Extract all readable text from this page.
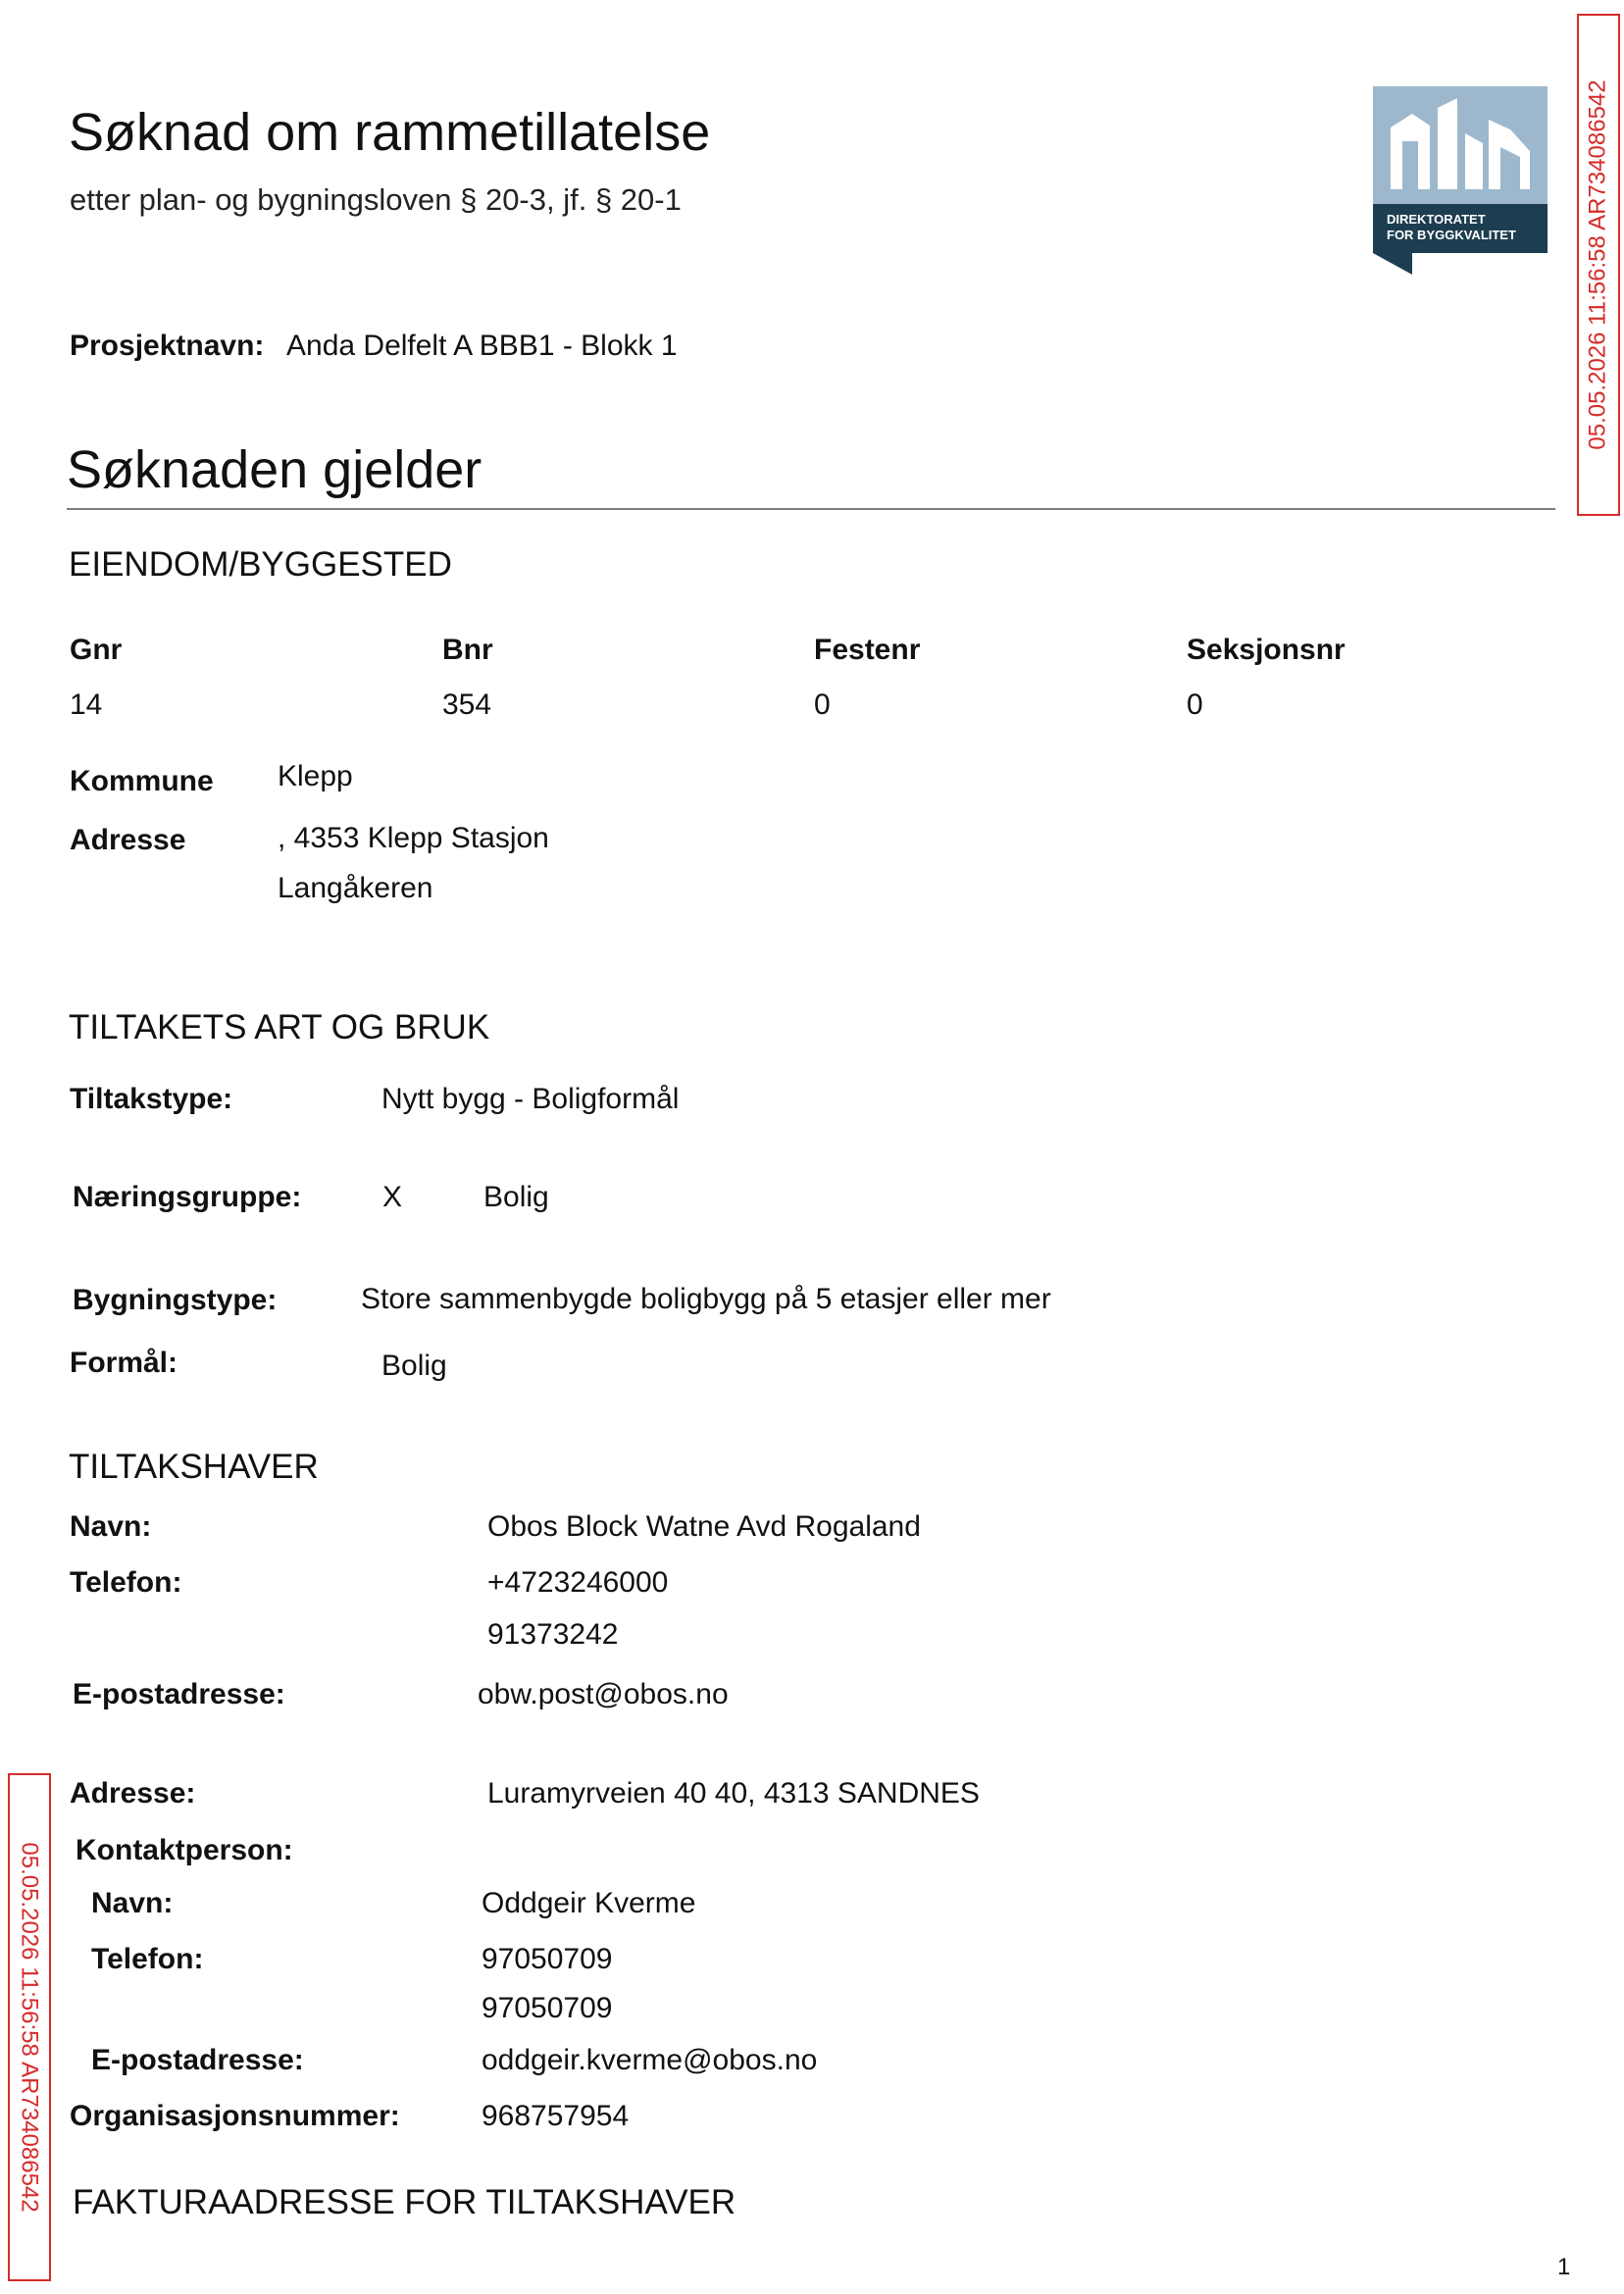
Søknad om rammetillatelse
etter plan- og bygningsloven § 20-3, jf. § 20-1
DIREKTORATET
FOR BYGGKVALITET	05.05.2026 11:56:58 AR734086542
Prosjektnavn: Anda Delfelt A BBB1 - Blokk 1
Søknaden gjelder
EIENDOM/BYGGESTED
Gnr	Bnr	Festenr	Seksjonsnr
14	354	0	0
Kommune Klepp
Adresse	, 4353 Klepp Stasjon
Langåkeren
TILTAKETS ART OG BRUK
Tiltakstype:	Nytt bygg - Boligformål
Næringsgruppe:	X	Bolig
Bygningstype:	Store sammenbygde boligbygg på 5 etasjer eller mer
Formål:	Bolig
TILTAKSHAVER
Navn:	Obos Block Watne Avd Rogaland
Telefon:	+4723246000
91373242
E-postadresse:	obw.post@obos.no
05.05.2026 11:56:58 AR734086542
Adresse:	Luramyrveien 40 40, 4313 SANDNES
Kontaktperson:
Navn:	Oddgeir Kverme
Telefon:	97050709
97050709
E-postadresse:	oddgeir.kverme@obos.no
Organisasjonsnummer:	968757954
FAKTURAADRESSE FOR TILTAKSHAVER
1
